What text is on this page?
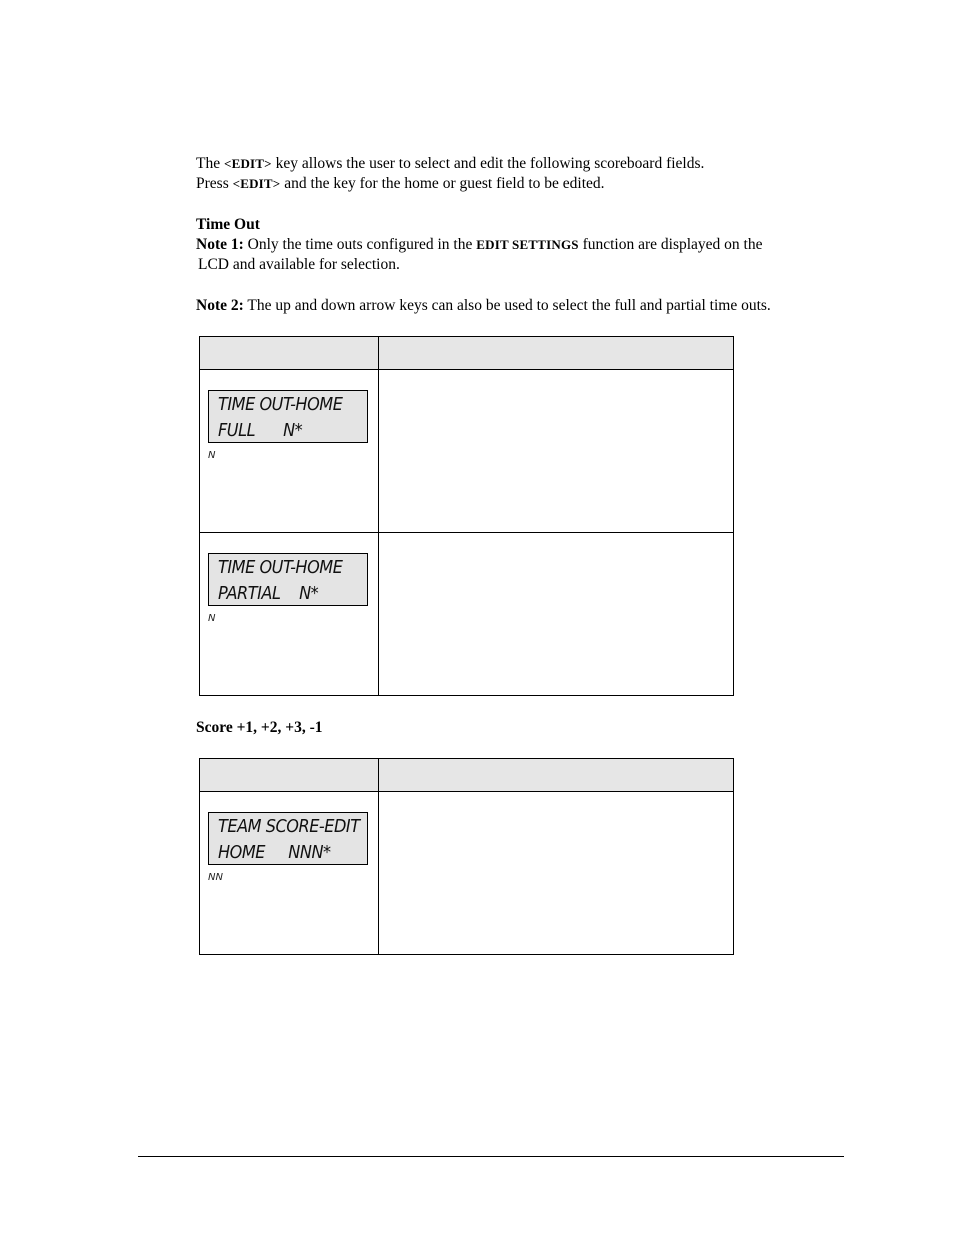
The <EDIT> key allows the user to select and edit the following scoreboard fields.
Press <EDIT> and the key for the home or guest field to be edited.
Time Out
Note 1: Only the time outs configured in the EDIT SETTINGS function are displayed on the
LCD and available for selection.
Note 2: The up and down arrow keys can also be used to select the full and partial time outs.

TIME OUT-HOME
FULL      N*
N	

TIME OUT-HOME
PARTIAL    N*
N	

Score +1, +2, +3, -1

TEAM SCORE-EDIT
HOME     NNN*
NN	
